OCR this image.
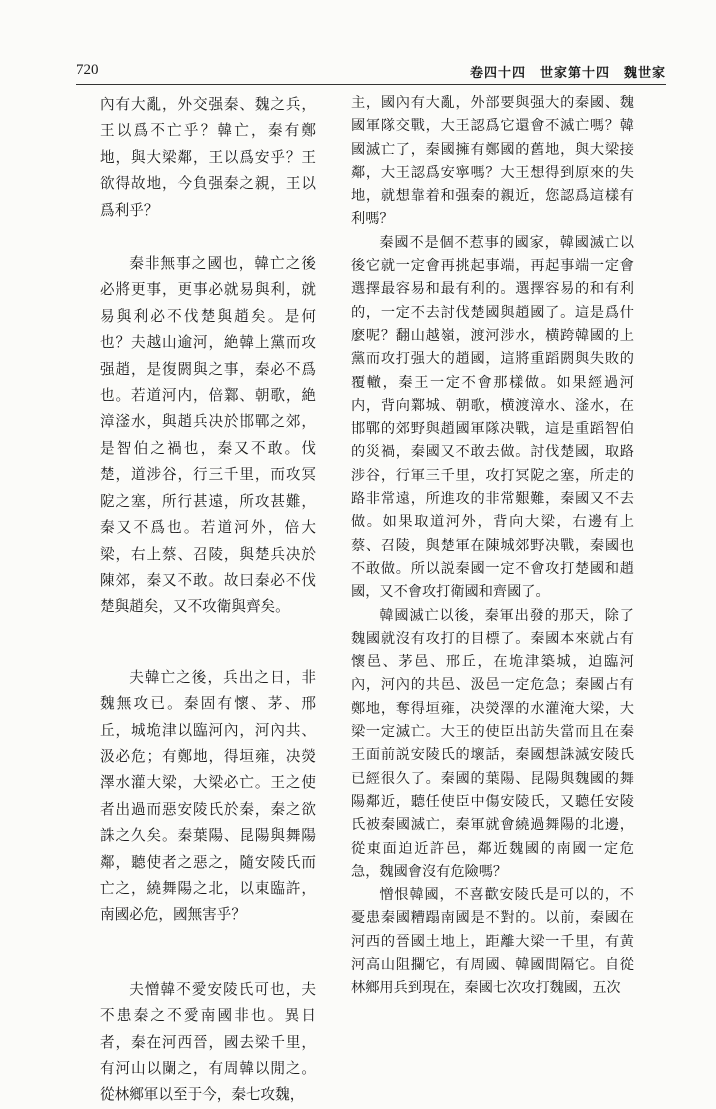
720	卷四十四　世家第十四　魏世家

內有大亂，外交强秦、魏之兵，王以爲不亡乎？韓亡，秦有鄭地，與大梁鄰，王以爲安乎？王欲得故地，今負强秦之親，王以爲利乎？

秦非無事之國也，韓亡之後必將更事，更事必就易與利，就易與利必不伐楚與趙矣。是何也？夫越山逾河，絶韓上黨而攻强趙，是復閼與之事，秦必不爲也。若道河内，倍鄴、朝歌，絶漳滏水，與趙兵决於邯鄲之郊，是智伯之禍也，秦又不敢。伐楚，道涉谷，行三千里，而攻冥阸之塞，所行甚遠，所攻甚難，秦又不爲也。若道河外，倍大梁，右上蔡、召陵，與楚兵决於陳郊，秦又不敢。故曰秦必不伐楚與趙矣，又不攻衛與齊矣。

夫韓亡之後，兵出之日，非魏無攻已。秦固有懷、茅、邢丘，城垝津以臨河內，河內共、汲必危；有鄭地，得垣雍，决熒澤水灌大梁，大梁必亡。王之使者出過而惡安陵氏於秦，秦之欲誅之久矣。秦葉陽、昆陽與舞陽鄰，聽使者之惡之，隨安陵氏而亡之，繞舞陽之北，以東臨許，南國必危，國無害乎？

夫憎韓不愛安陵氏可也，夫不患秦之不愛南國非也。異日者，秦在河西晉，國去梁千里，有河山以闌之，有周韓以閒之。從林鄉軍以至于今，秦七攻魏，

主，國內有大亂，外部要與强大的秦國、魏國軍隊交戰，大王認爲它還會不滅亡嗎？韓國滅亡了，秦國擁有鄭國的舊地，與大梁接鄰，大王認爲安寧嗎？大王想得到原來的失地，就想靠着和强秦的親近，您認爲這樣有利嗎？

秦國不是個不惹事的國家，韓國滅亡以後它就一定會再挑起事端，再起事端一定會選擇最容易和最有利的。選擇容易的和有利的，一定不去討伐楚國與趙國了。這是爲什麽呢？翻山越嶺，渡河涉水，横跨韓國的上黨而攻打强大的趙國，這將重蹈閼與失敗的覆轍，秦王一定不會那樣做。如果經過河内，背向鄴城、朝歌，横渡漳水、滏水，在邯鄲的郊野與趙國軍隊决戰，這是重蹈智伯的災禍，秦國又不敢去做。討伐楚國，取路涉谷，行軍三千里，攻打冥阸之塞，所走的路非常遠，所進攻的非常艱難，秦國又不去做。如果取道河外，背向大梁，右邊有上蔡、召陵，與楚軍在陳城郊野决戰，秦國也不敢做。所以説秦國一定不會攻打楚國和趙國，又不會攻打衛國和齊國了。

韓國滅亡以後，秦軍出發的那天，除了魏國就沒有攻打的目標了。秦國本來就占有懷邑、茅邑、邢丘，在垝津築城，迫臨河內，河內的共邑、汲邑一定危急；秦國占有鄭地，奪得垣雍，决熒澤的水灌淹大梁，大梁一定滅亡。大王的使臣出訪失當而且在秦王面前説安陵氏的壞話，秦國想誅滅安陵氏已經很久了。秦國的葉陽、昆陽與魏國的舞陽鄰近，聽任使臣中傷安陵氏，又聽任安陵氏被秦國滅亡，秦軍就會繞過舞陽的北邊，從東面迫近許邑，鄰近魏國的南國一定危急，魏國會沒有危險嗎？

憎恨韓國，不喜歡安陵氏是可以的，不憂患秦國糟蹋南國是不對的。以前，秦國在河西的晉國土地上，距離大梁一千里，有黄河高山阻攔它，有周國、韓國間隔它。自從林鄉用兵到現在，秦國七次攻打魏國，五次
